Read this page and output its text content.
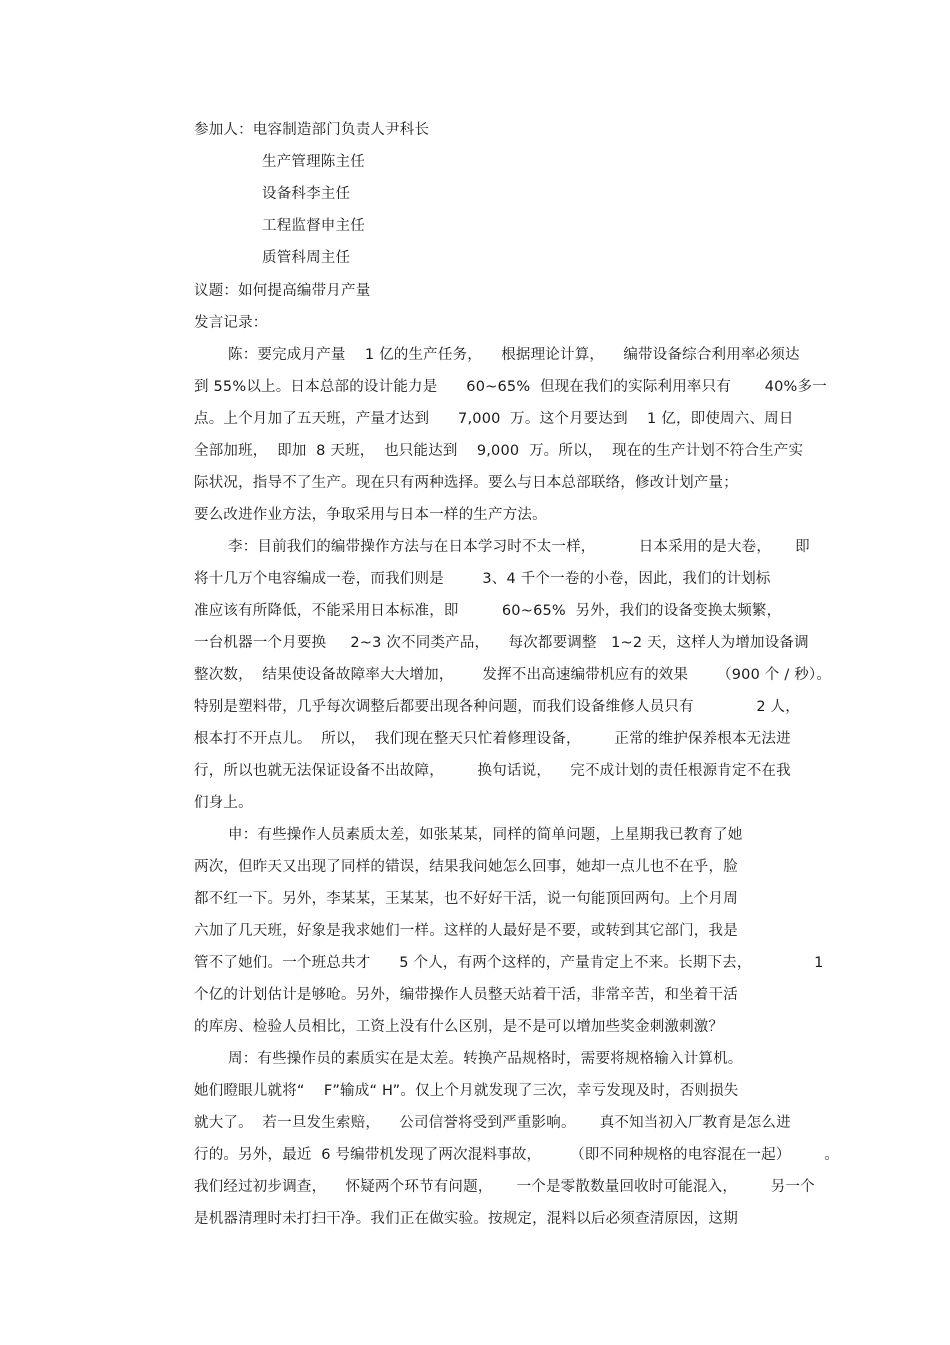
参加人：电容制造部门负责人尹科长
生产管理陈主任
设备科李主任
工程监督申主任
质管科周主任
议题：如何提高编带月产量
发言记录：
陈：要完成月产量    1 亿的生产任务，    根据理论计算，    编带设备综合利用率必须达
到 55%以上。日本总部的设计能力是      60~65%  但现在我们的实际利用率只有       40%多一
点。上个月加了五天班，产量才达到      7,000  万。这个月要达到    1 亿，即使周六、周日
全部加班，  即加  8 天班，  也只能达到    9,000  万。所以，  现在的生产计划不符合生产实
际状况，指导不了生产。现在只有两种选择。要么与日本总部联络，修改计划产量；
要么改进作业方法，争取采用与日本一样的生产方法。
李：目前我们的编带操作方法与在日本学习时不太一样，         日本采用的是大卷，     即
将十几万个电容编成一卷，而我们则是        3、4 千个一卷的小卷，因此，我们的计划标
准应该有所降低，不能采用日本标准，即         60~65%  另外，我们的设备变换太频繁，
一台机器一个月要换     2~3 次不同类产品，    每次都要调整   1~2 天，这样人为增加设备调
整次数，  结果使设备故障率大大增加，      发挥不出高速编带机应有的效果      （900 个 / 秒）。
特别是塑料带，几乎每次调整后都要出现各种问题，而我们设备维修人员只有             2 人，
根本打不开点儿。  所以，  我们现在整天只忙着修理设备，       正常的维护保养根本无法进
行，所以也就无法保证设备不出故障，       换句话说，    完不成计划的责任根源肯定不在我
们身上。
申：有些操作人员素质太差，如张某某，同样的简单问题，上星期我已教育了她
两次，但昨天又出现了同样的错误，结果我问她怎么回事，她却一点儿也不在乎，脸
都不红一下。另外，李某某，王某某，也不好好干活，说一句能顶回两句。上个月周
六加了几天班，好象是我求她们一样。这样的人最好是不要，或转到其它部门，我是
管不了她们。一个班总共才      5 个人，有两个这样的，产量肯定上不来。长期下去，             1
个亿的计划估计是够呛。另外，编带操作人员整天站着干活，非常辛苦，和坐着干活
的库房、检验人员相比，工资上没有什么区别，是不是可以增加些奖金刺激刺激？
周：有些操作员的素质实在是太差。转换产品规格时，需要将规格输入计算机。
她们瞪眼儿就将“    F”输成“ H”。仅上个月就发现了三次，幸亏发现及时，否则损失
就大了。  若一旦发生索赔，    公司信誉将受到严重影响。     真不知当初入厂教育是怎么进
行的。另外，最近  6 号编带机发现了两次混料事故，      （即不同种规格的电容混在一起）       。
我们经过初步调查，    怀疑两个环节有问题，     一个是零散数量回收时可能混入，       另一个
是机器清理时未打扫干净。我们正在做实验。按规定，混料以后必须查清原因，这期
